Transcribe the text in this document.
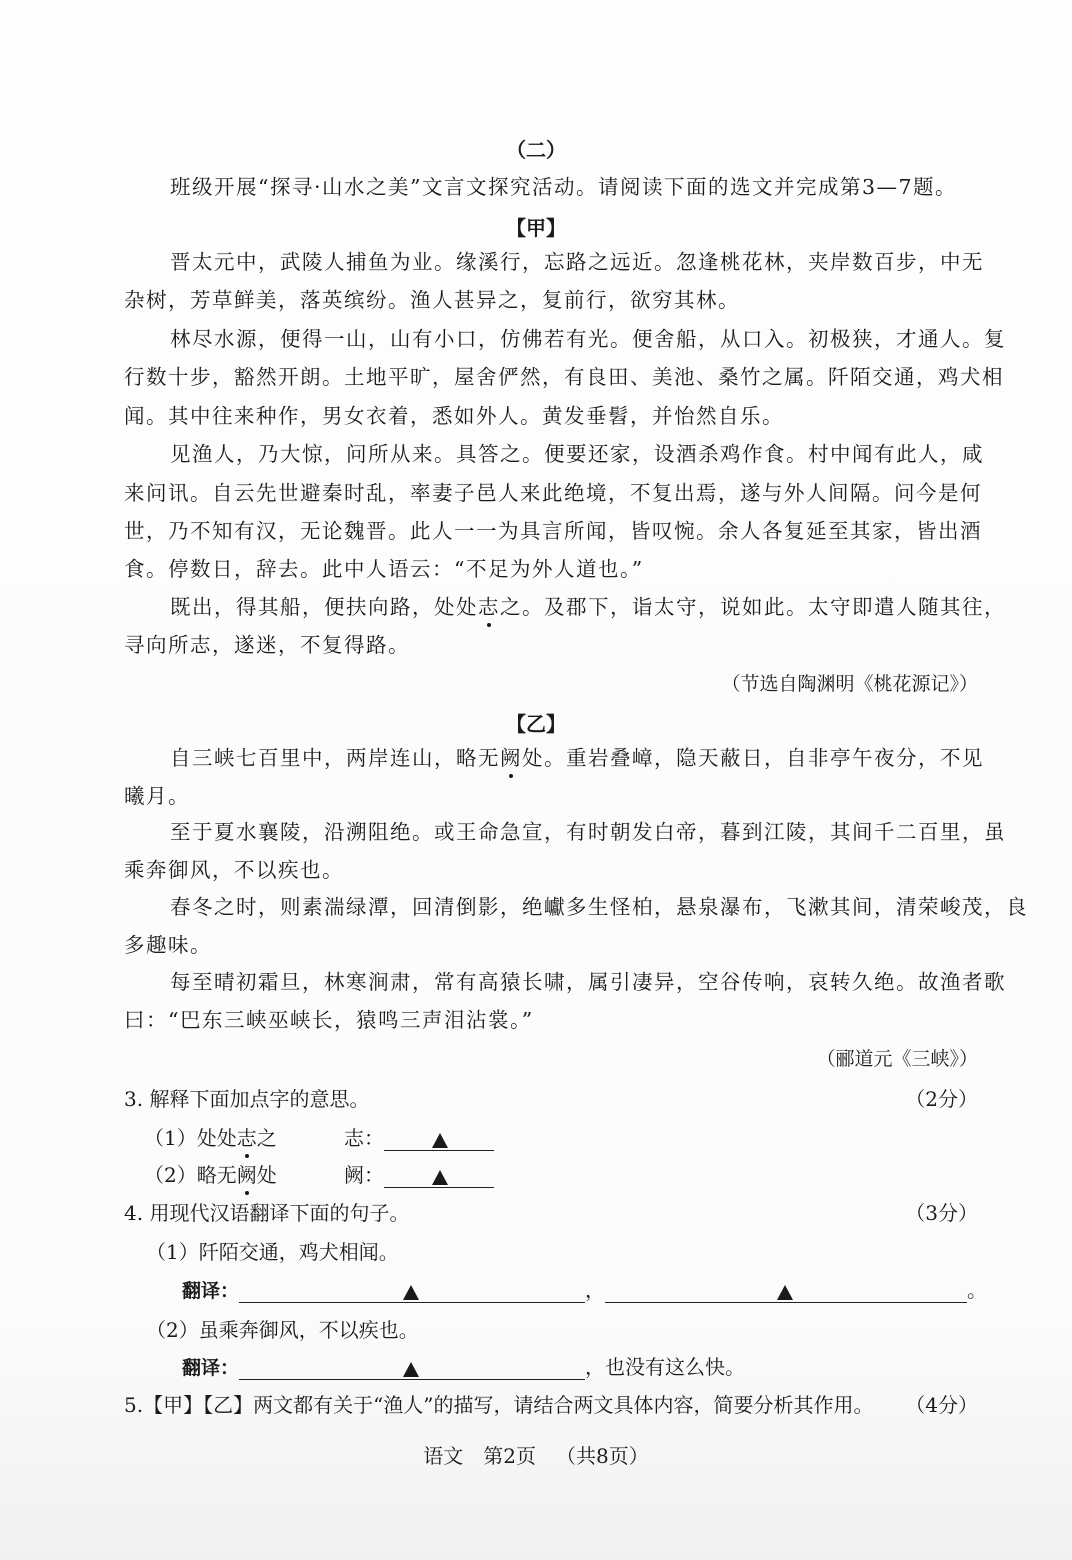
（二）
班级开展“探寻·山水之美”文言文探究活动。请阅读下面的选文并完成第3—7题。
【甲】
晋太元中，武陵人捕鱼为业。缘溪行，忘路之远近。忽逢桃花林，夹岸数百步，中无
杂树，芳草鲜美，落英缤纷。渔人甚异之，复前行，欲穷其林。
林尽水源，便得一山，山有小口，仿佛若有光。便舍船，从口入。初极狭，才通人。复
行数十步，豁然开朗。土地平旷，屋舍俨然，有良田、美池、桑竹之属。阡陌交通，鸡犬相
闻。其中往来种作，男女衣着，悉如外人。黄发垂髫，并怡然自乐。
见渔人，乃大惊，问所从来。具答之。便要还家，设酒杀鸡作食。村中闻有此人，咸
来问讯。自云先世避秦时乱，率妻子邑人来此绝境，不复出焉，遂与外人间隔。问今是何
世，乃不知有汉，无论魏晋。此人一一为具言所闻，皆叹惋。余人各复延至其家，皆出酒
食。停数日，辞去。此中人语云：“不足为外人道也。”
既出，得其船，便扶向路，处处志之。及郡下，诣太守，说如此。太守即遣人随其往，
寻向所志，遂迷，不复得路。
（节选自陶渊明《桃花源记》）
【乙】
自三峡七百里中，两岸连山，略无阙处。重岩叠嶂，隐天蔽日，自非亭午夜分，不见
曦月。
至于夏水襄陵，沿溯阻绝。或王命急宣，有时朝发白帝，暮到江陵，其间千二百里，虽
乘奔御风，不以疾也。
春冬之时，则素湍绿潭，回清倒影，绝巘多生怪柏，悬泉瀑布，飞漱其间，清荣峻茂，良
多趣味。
每至晴初霜旦，林寒涧肃，常有高猿长啸，属引凄异，空谷传响，哀转久绝。故渔者歌
曰：“巴东三峡巫峡长，猿鸣三声泪沾裳。”
（郦道元《三峡》）
3. 解释下面加点字的意思。	（2分）
（1）处处志之	志：
（2）略无阙处	阙：
4. 用现代汉语翻译下面的句子。	（3分）
（1）阡陌交通，鸡犬相闻。
翻译：	，	。
（2）虽乘奔御风，不以疾也。
翻译：	，也没有这么快。
5.【甲】【乙】两文都有关于“渔人”的描写，请结合两文具体内容，简要分析其作用。 （4分）
语文 第2页 （共8页）
